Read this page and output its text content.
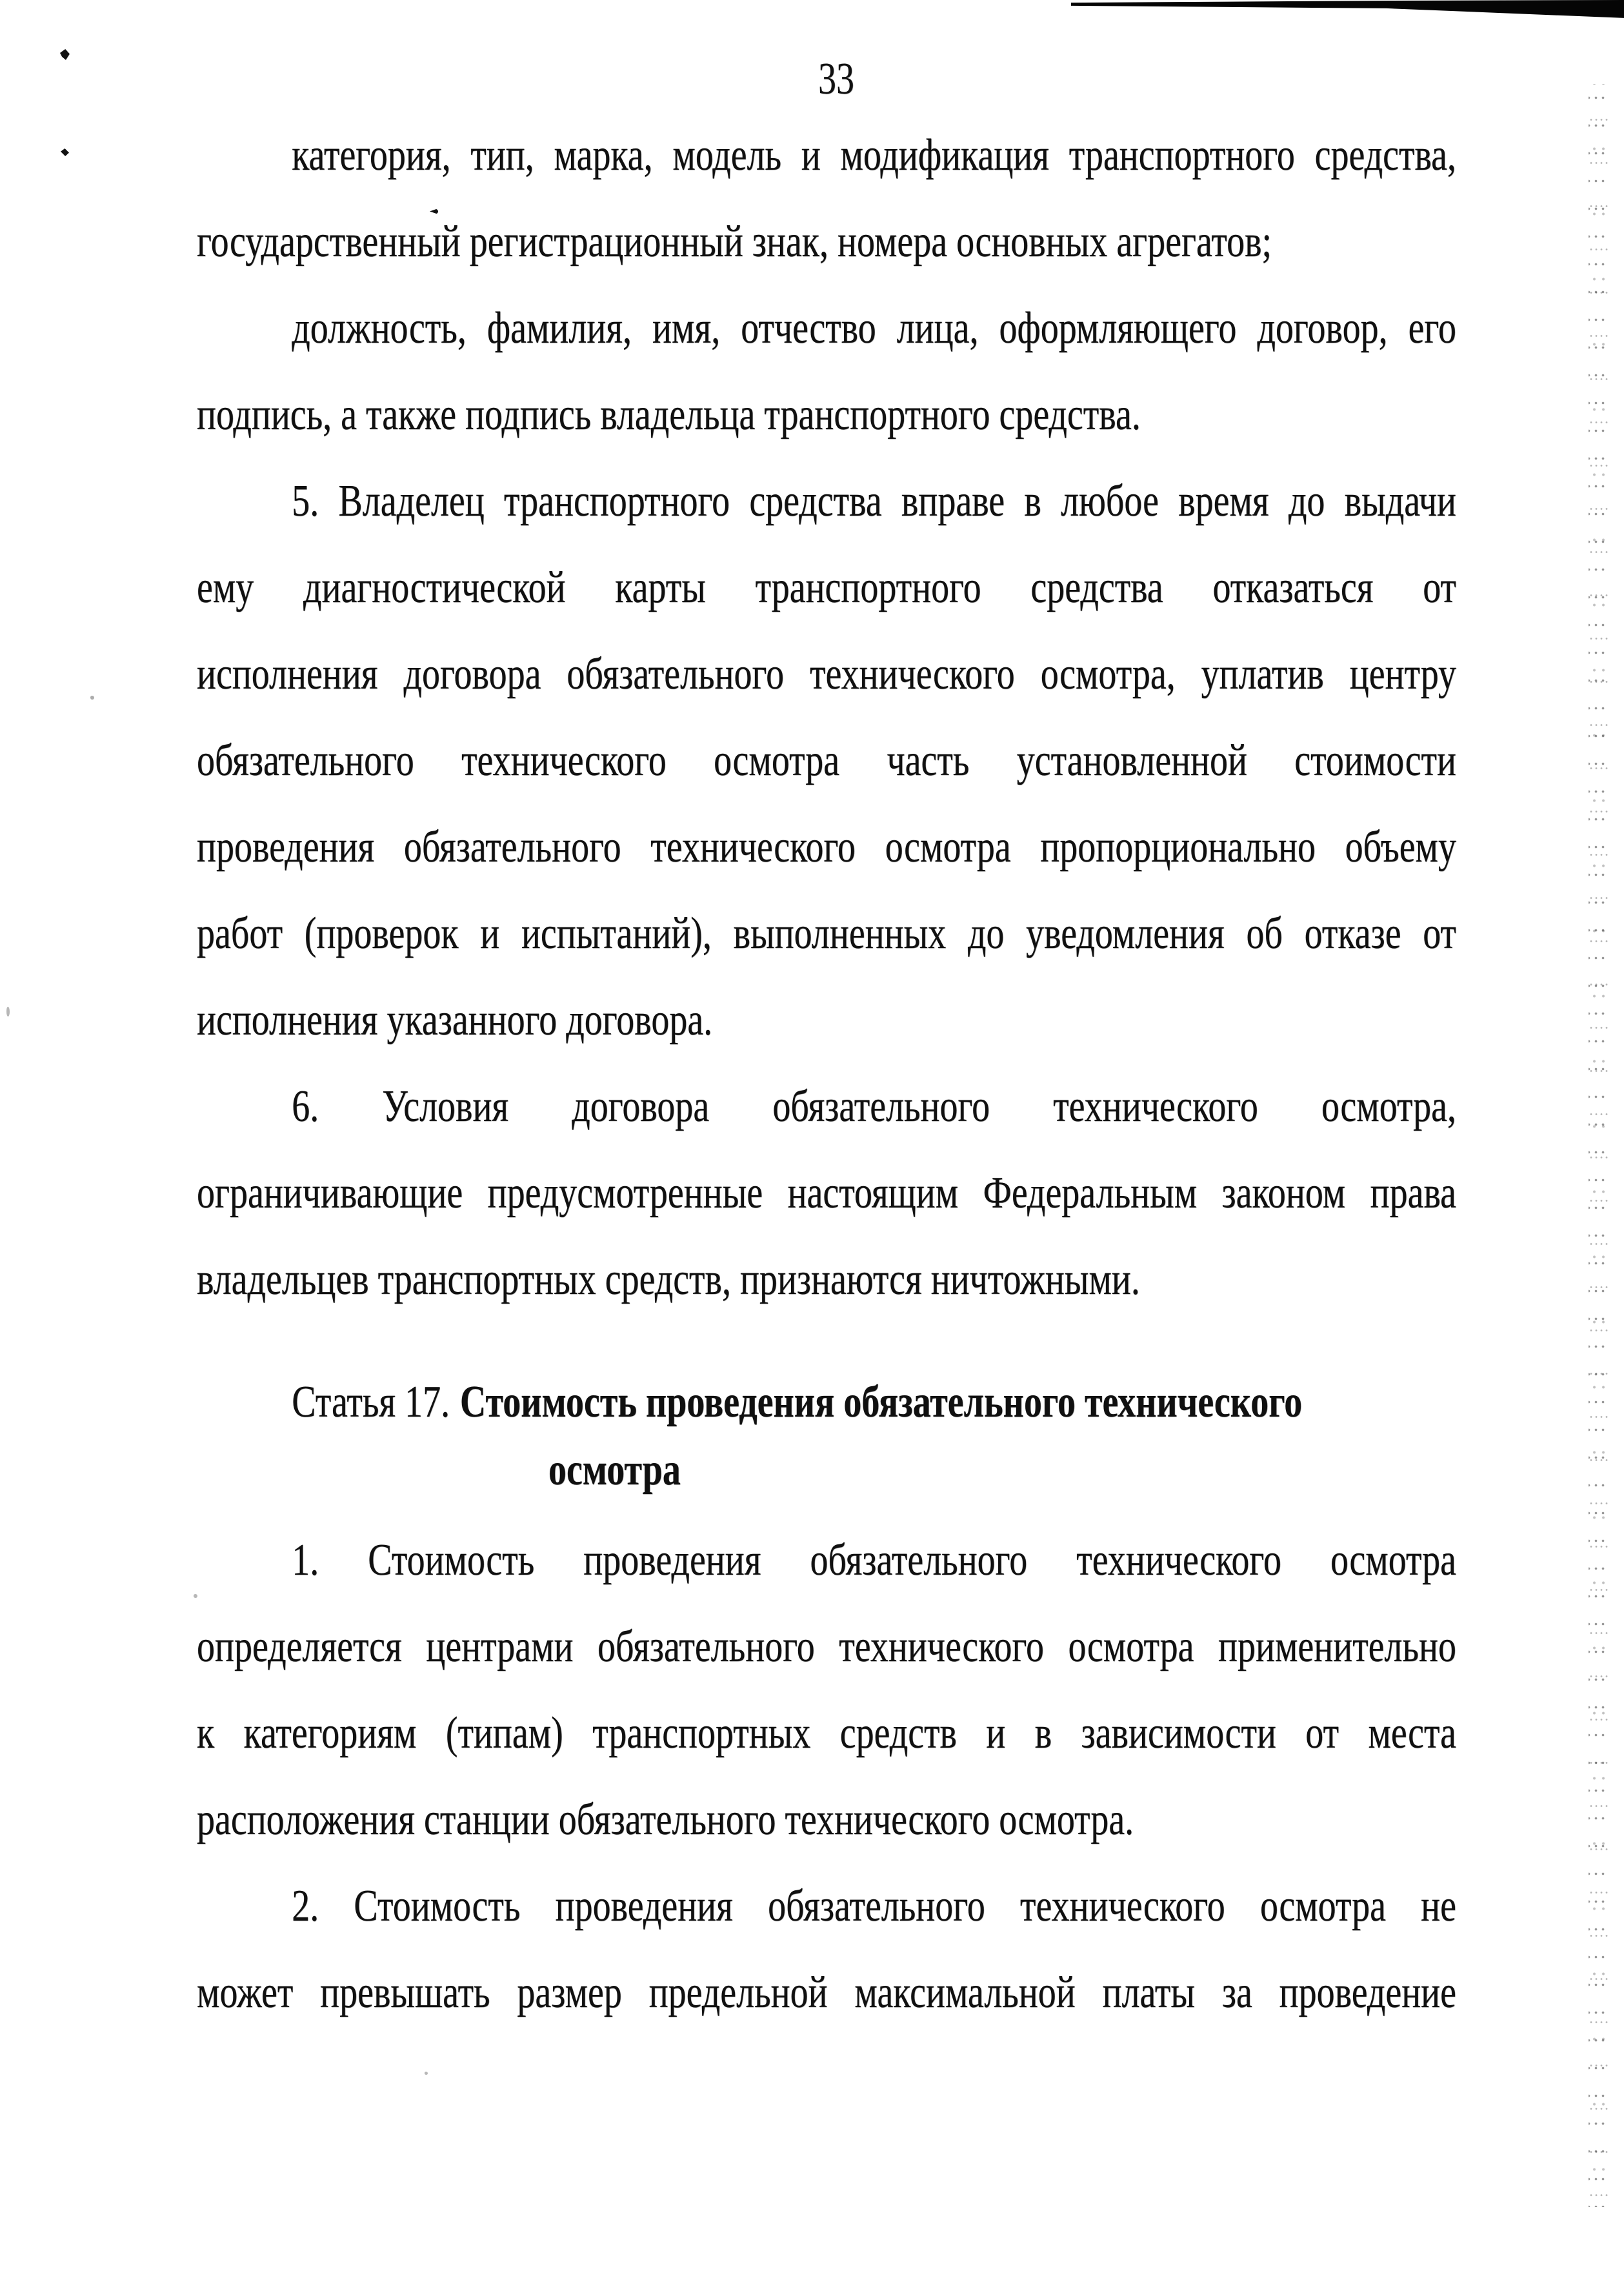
33
категория, тип, марка, модель и модификация транспортного средства,
государственный регистрационный знак, номера основных агрегатов;
должность, фамилия, имя, отчество лица, оформляющего договор, его
подпись, а также подпись владельца транспортного средства.
5. Владелец транспортного средства вправе в любое время до выдачи
ему диагностической карты транспортного средства отказаться от
исполнения договора обязательного технического осмотра, уплатив центру
обязательного технического осмотра часть установленной стоимости
проведения обязательного технического осмотра пропорционально объему
работ (проверок и испытаний), выполненных до уведомления об отказе от
исполнения указанного договора.
6. Условия договора обязательного технического осмотра,
ограничивающие предусмотренные настоящим Федеральным законом права
владельцев транспортных средств, признаются ничтожными.
Статья 17. Стоимость проведения обязательного технического
осмотра
1. Стоимость проведения обязательного технического осмотра
определяется центрами обязательного технического осмотра применительно
к категориям (типам) транспортных средств и в зависимости от места
расположения станции обязательного технического осмотра.
2. Стоимость проведения обязательного технического осмотра не
может превышать размер предельной максимальной платы за проведение
